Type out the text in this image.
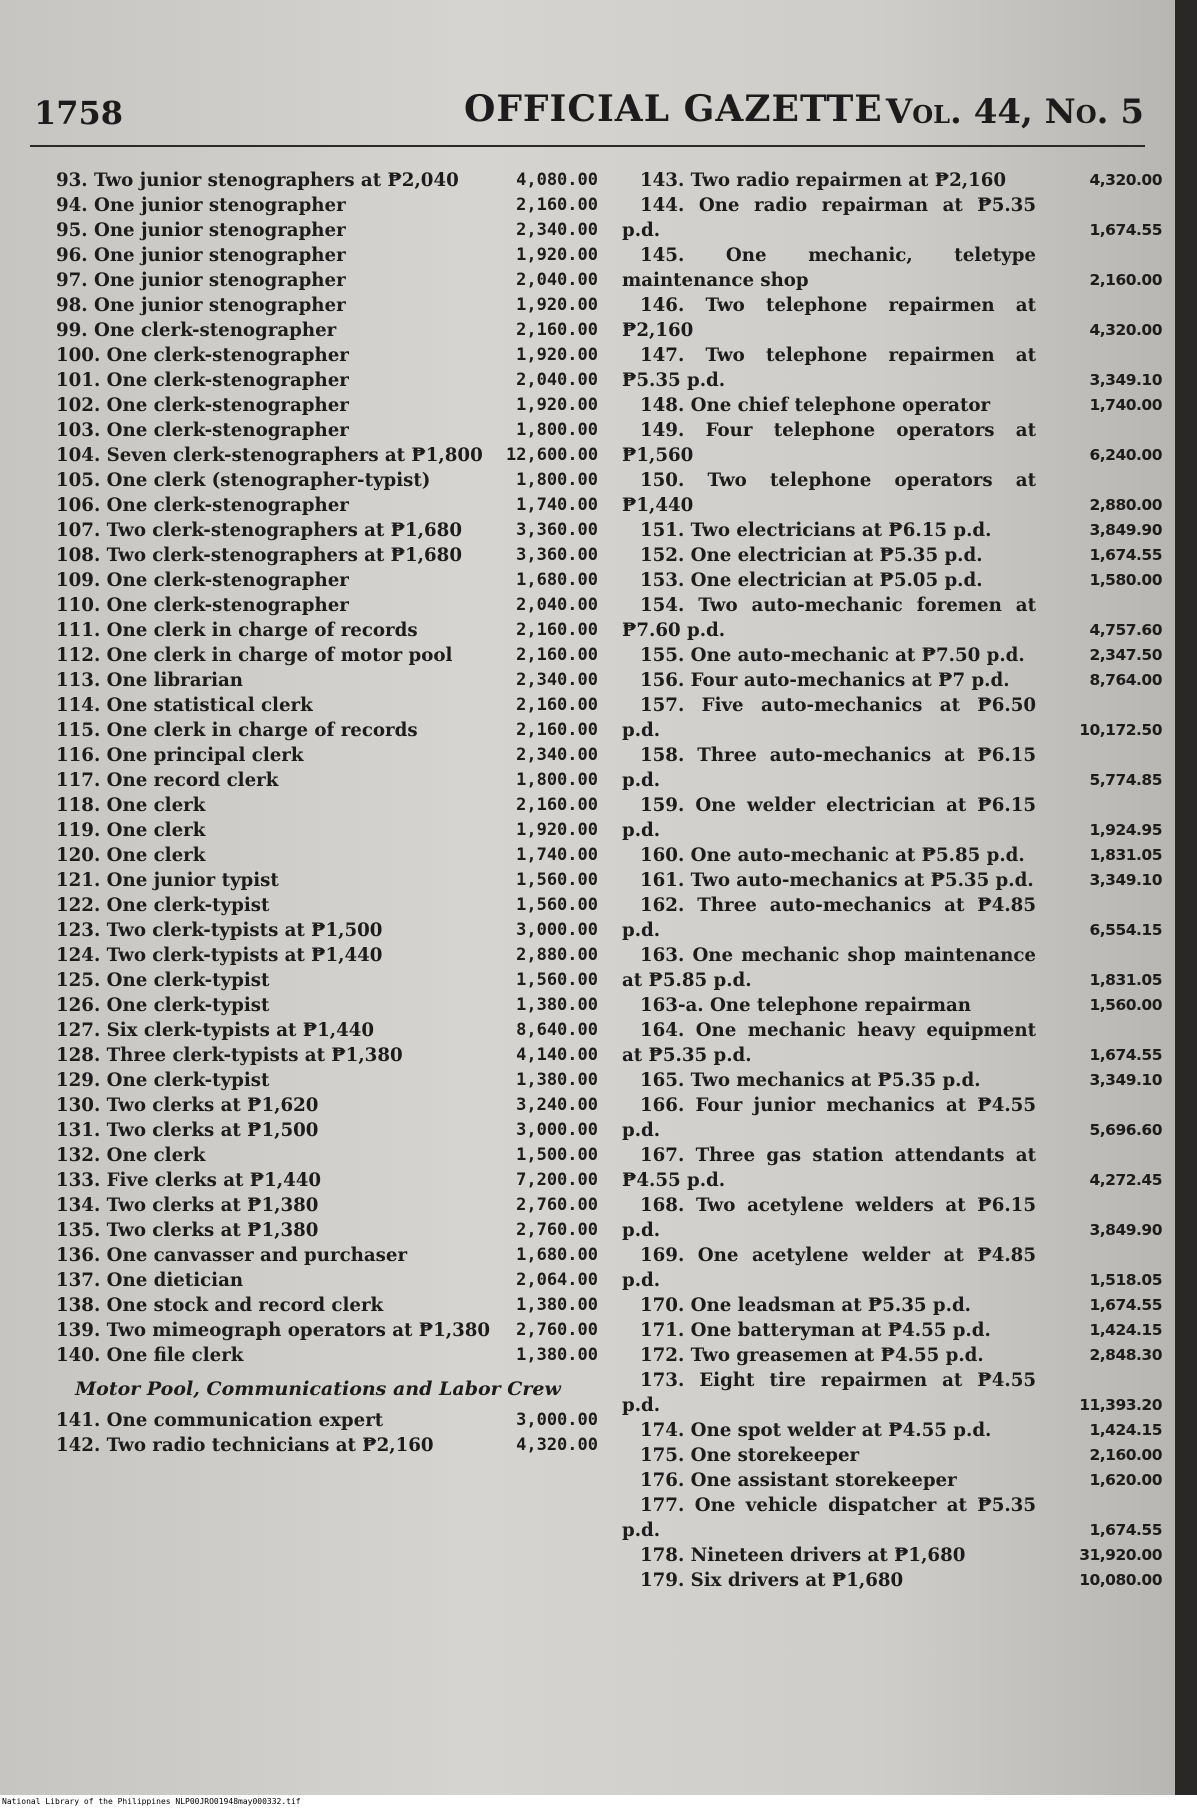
1758	OFFICIAL GAZETTE Vol. 44, No. 5
93. Two junior stenographers at ₱2,040	4,080.00
94. One junior stenographer	2,160.00
95. One junior stenographer	2,340.00
96. One junior stenographer	1,920.00
97. One junior stenographer	2,040.00
98. One junior stenographer	1,920.00
99. One clerk-stenographer	2,160.00
100. One clerk-stenographer	1,920.00
101. One clerk-stenographer	2,040.00
102. One clerk-stenographer	1,920.00
103. One clerk-stenographer	1,800.00
104. Seven clerk-stenographers at ₱1,800	12,600.00
105. One clerk (stenographer-typist)	1,800.00
106. One clerk-stenographer	1,740.00
107. Two clerk-stenographers at ₱1,680	3,360.00
108. Two clerk-stenographers at ₱1,680	3,360.00
109. One clerk-stenographer	1,680.00
110. One clerk-stenographer	2,040.00
111. One clerk in charge of records	2,160.00
112. One clerk in charge of motor pool	2,160.00
113. One librarian	2,340.00
114. One statistical clerk	2,160.00
115. One clerk in charge of records	2,160.00
116. One principal clerk	2,340.00
117. One record clerk	1,800.00
118. One clerk	2,160.00
119. One clerk	1,920.00
120. One clerk	1,740.00
121. One junior typist	1,560.00
122. One clerk-typist	1,560.00
123. Two clerk-typists at ₱1,500	3,000.00
124. Two clerk-typists at ₱1,440	2,880.00
125. One clerk-typist	1,560.00
126. One clerk-typist	1,380.00
127. Six clerk-typists at ₱1,440	8,640.00
128. Three clerk-typists at ₱1,380	4,140.00
129. One clerk-typist	1,380.00
130. Two clerks at ₱1,620	3,240.00
131. Two clerks at ₱1,500	3,000.00
132. One clerk	1,500.00
133. Five clerks at ₱1,440	7,200.00
134. Two clerks at ₱1,380	2,760.00
135. Two clerks at ₱1,380	2,760.00
136. One canvasser and purchaser	1,680.00
137. One dietician	2,064.00
138. One stock and record clerk	1,380.00
139. Two mimeograph operators at ₱1,380	2,760.00
140. One file clerk	1,380.00
Motor Pool, Communications and Labor Crew
141. One communication expert	3,000.00
142. Two radio technicians at ₱2,160	4,320.00
143. Two radio repairmen at ₱2,160	4,320.00
144. One radio repairman at ₱5.35 p.d.	1,674.55
145. One mechanic, teletype maintenance shop	2,160.00
146. Two telephone repairmen at ₱2,160	4,320.00
147. Two telephone repairmen at ₱5.35 p.d.	3,349.10
148. One chief telephone operator	1,740.00
149. Four telephone operators at ₱1,560	6,240.00
150. Two telephone operators at ₱1,440	2,880.00
151. Two electricians at ₱6.15 p.d.	3,849.90
152. One electrician at ₱5.35 p.d.	1,674.55
153. One electrician at ₱5.05 p.d.	1,580.00
154. Two auto-mechanic foremen at ₱7.60 p.d.	4,757.60
155. One auto-mechanic at ₱7.50 p.d.	2,347.50
156. Four auto-mechanics at ₱7 p.d.	8,764.00
157. Five auto-mechanics at ₱6.50 p.d.	10,172.50
158. Three auto-mechanics at ₱6.15 p.d.	5,774.85
159. One welder electrician at ₱6.15 p.d.	1,924.95
160. One auto-mechanic at ₱5.85 p.d.	1,831.05
161. Two auto-mechanics at ₱5.35 p.d.	3,349.10
162. Three auto-mechanics at ₱4.85 p.d.	6,554.15
163. One mechanic shop maintenance at ₱5.85 p.d.	1,831.05
163-a. One telephone repairman	1,560.00
164. One mechanic heavy equipment at ₱5.35 p.d.	1,674.55
165. Two mechanics at ₱5.35 p.d.	3,349.10
166. Four junior mechanics at ₱4.55 p.d.	5,696.60
167. Three gas station attendants at ₱4.55 p.d.	4,272.45
168. Two acetylene welders at ₱6.15 p.d.	3,849.90
169. One acetylene welder at ₱4.85 p.d.	1,518.05
170. One leadsman at ₱5.35 p.d.	1,674.55
171. One batteryman at ₱4.55 p.d.	1,424.15
172. Two greasemen at ₱4.55 p.d.	2,848.30
173. Eight tire repairmen at ₱4.55 p.d.	11,393.20
174. One spot welder at ₱4.55 p.d.	1,424.15
175. One storekeeper	2,160.00
176. One assistant storekeeper	1,620.00
177. One vehicle dispatcher at ₱5.35 p.d.	1,674.55
178. Nineteen drivers at ₱1,680	31,920.00
179. Six drivers at ₱1,680	10,080.00
National Library of the Philippines NLP00JRO01948may000332.tif
